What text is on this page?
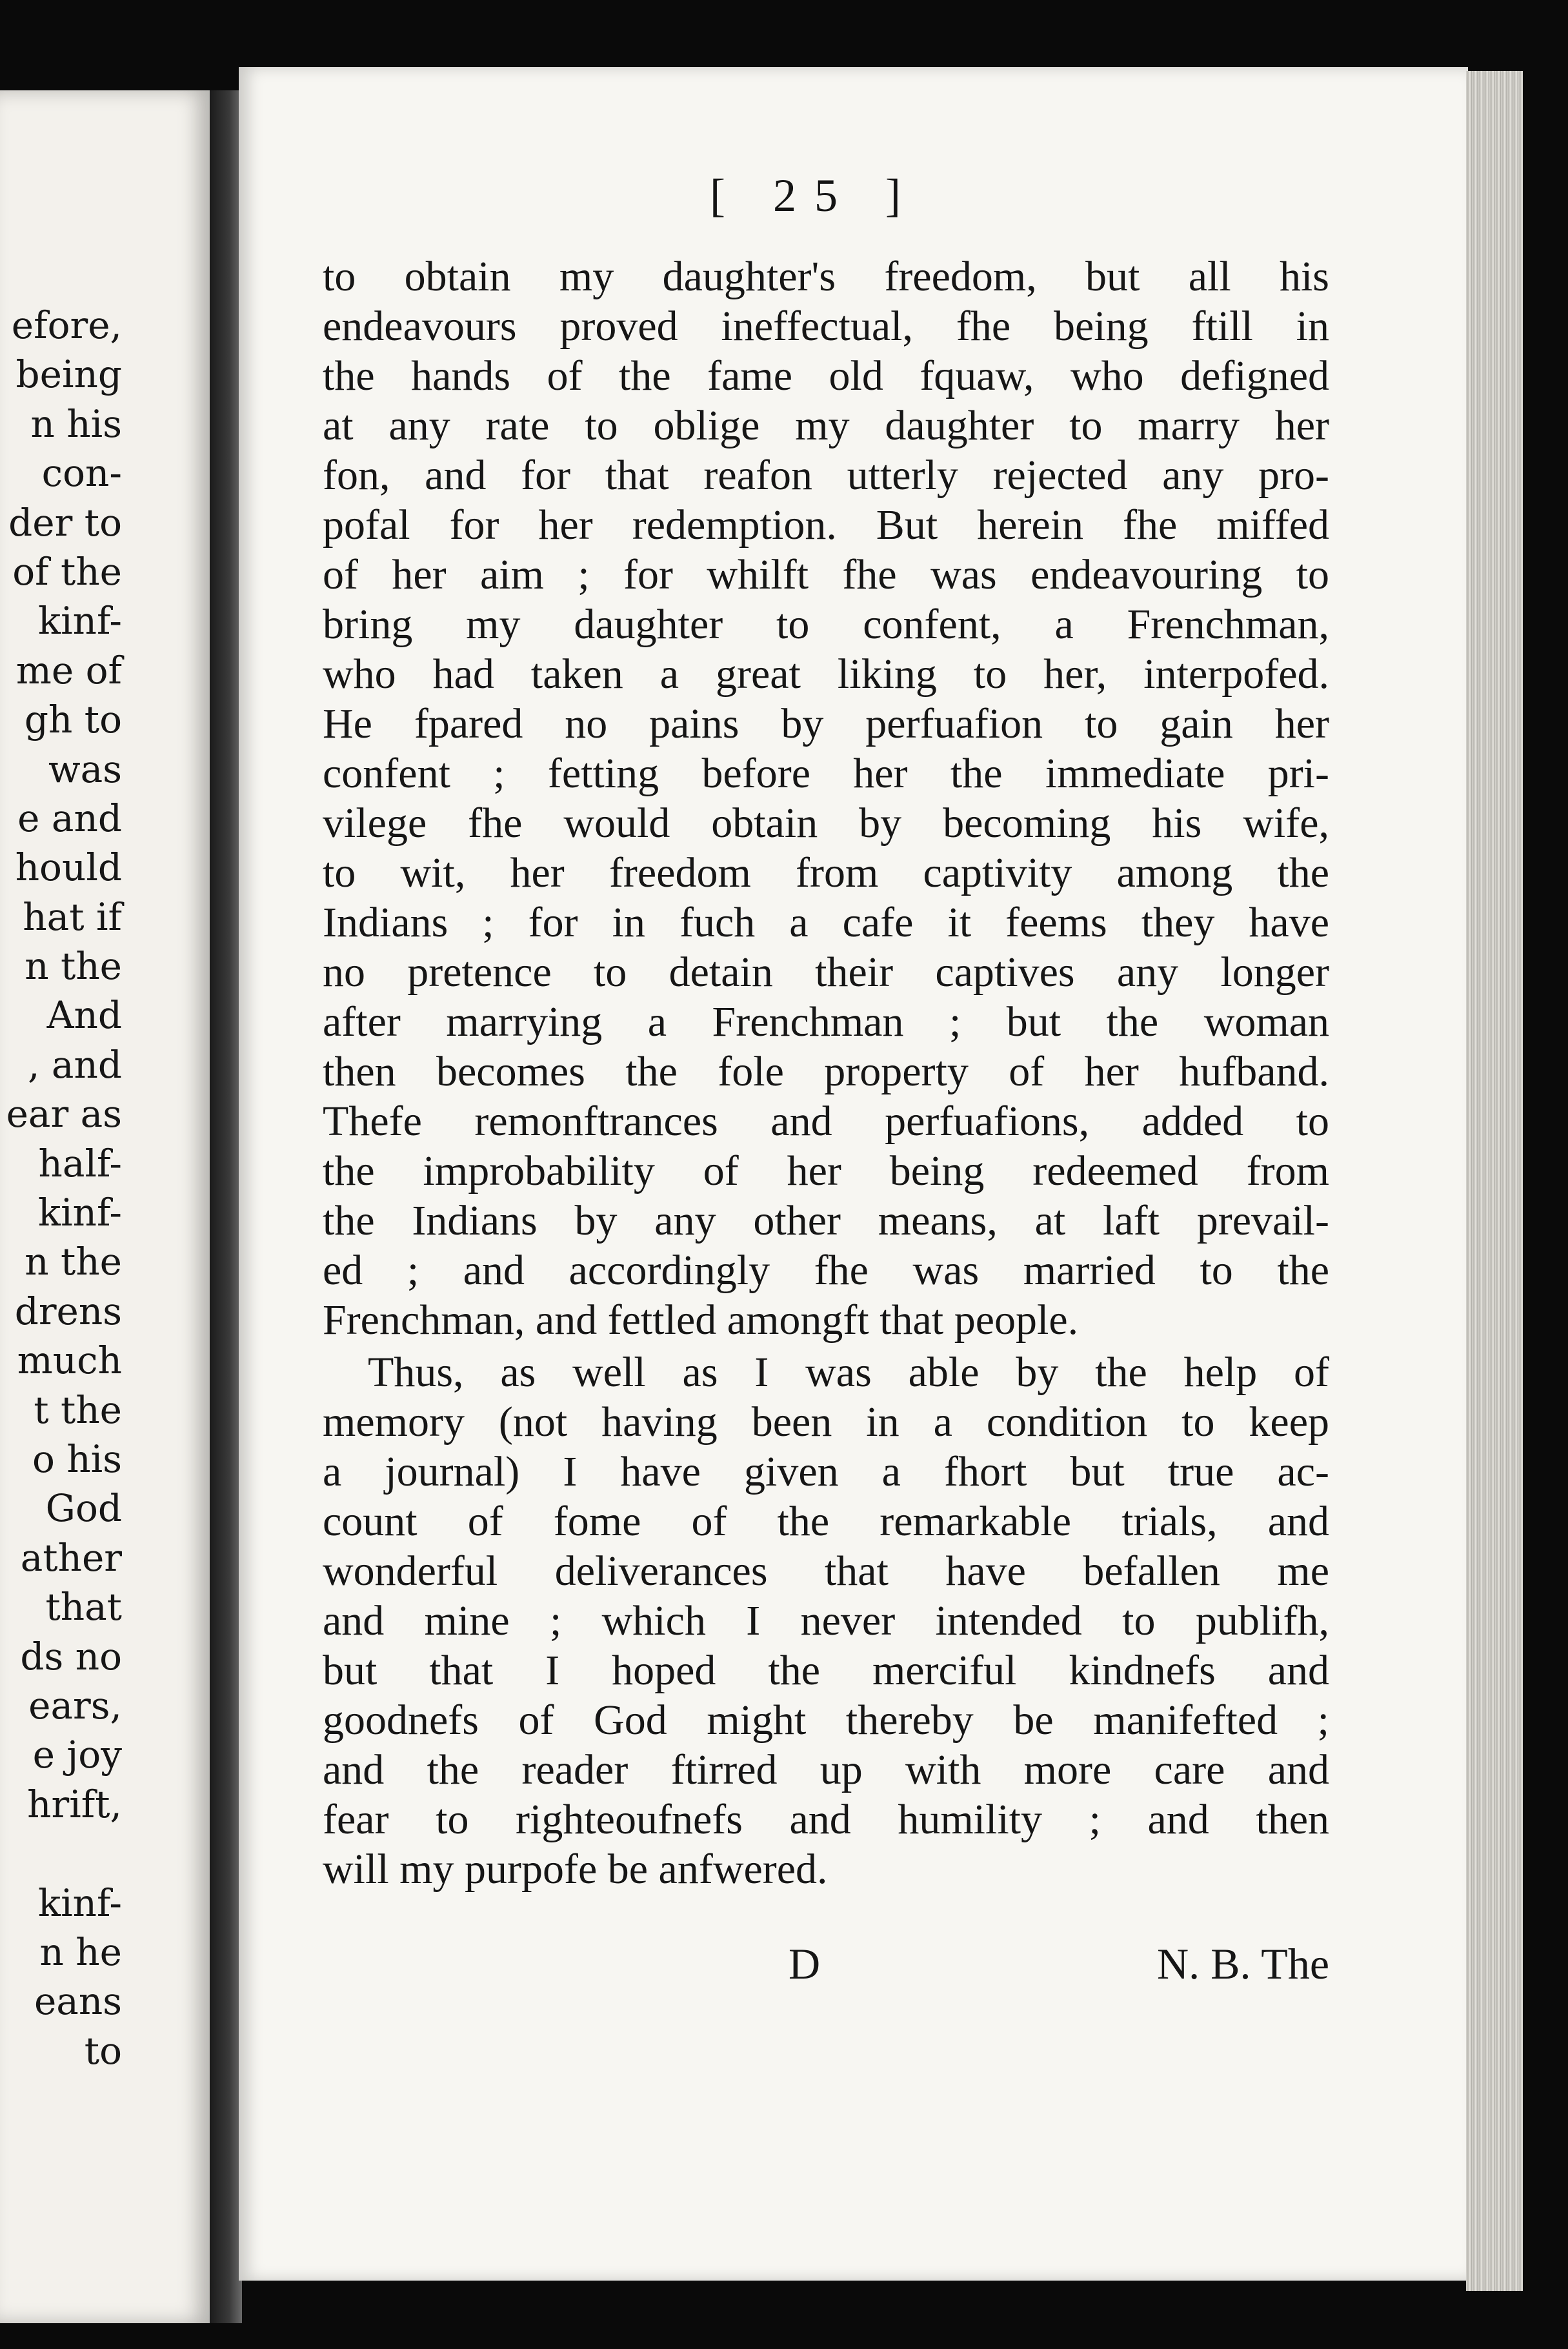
efore,
being
n his
con-
der to
of the
kinf-
me of
gh to
was
e and
hould
hat if
n the
And
, and
ear as
half-
kinf-
n the
drens
much
t the
o his
God
ather
that
ds no
ears,
e joy
hrift,
kinf-
n he
eans
to
[ 25 ]
to obtain my daughter's freedom, but all his
endeavours proved ineffectual, fhe being ftill in
the hands of the fame old fquaw, who defigned
at any rate to oblige my daughter to marry her
fon, and for that reafon utterly rejected any pro-
pofal for her redemption. But herein fhe miffed
of her aim ; for whilft fhe was endeavouring to
bring my daughter to confent, a Frenchman,
who had taken a great liking to her, interpofed.
He fpared no pains by perfuafion to gain her
confent ; fetting before her the immediate pri-
vilege fhe would obtain by becoming his wife,
to wit, her freedom from captivity among the
Indians ; for in fuch a cafe it feems they have
no pretence to detain their captives any longer
after marrying a Frenchman ; but the woman
then becomes the fole property of her hufband.
Thefe remonftrances and perfuafions, added to
the improbability of her being redeemed from
the Indians by any other means, at laft prevail-
ed ; and accordingly fhe was married to the
Frenchman, and fettled amongft that people.
Thus, as well as I was able by the help of
memory (not having been in a condition to keep
a journal) I have given a fhort but true ac-
count of fome of the remarkable trials, and
wonderful deliverances that have befallen me
and mine ; which I never intended to publifh,
but that I hoped the merciful kindnefs and
goodnefs of God might thereby be manifefted ;
and the reader ftirred up with more care and
fear to righteoufnefs and humility ; and then
will my purpofe be anfwered.
D	N. B. The
